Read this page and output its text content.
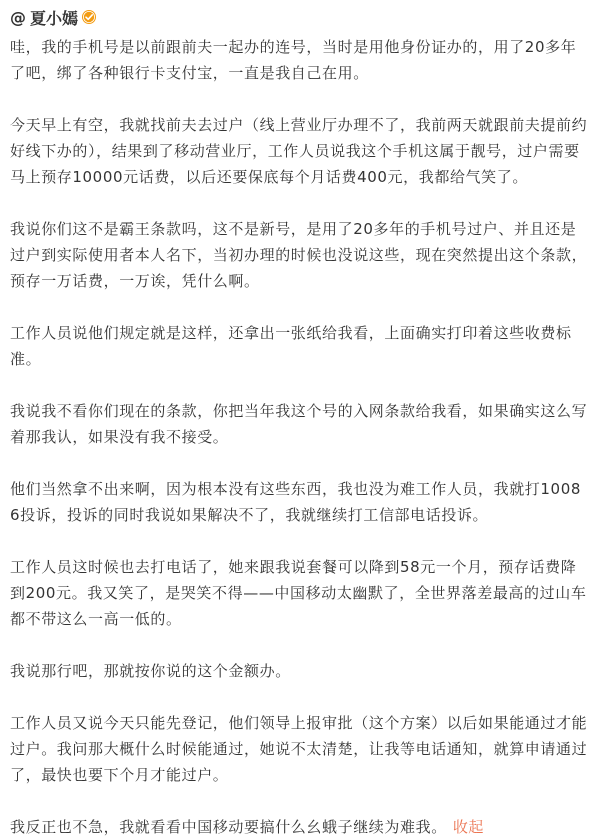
@ 夏小嫣

哇，我的手机号是以前跟前夫一起办的连号，当时是用他身份证办的，用了20多年了吧，绑了各种银行卡支付宝，一直是我自己在用。

今天早上有空，我就找前夫去过户（线上营业厅办理不了，我前两天就跟前夫提前约好线下办的），结果到了移动营业厅，工作人员说我这个手机这属于靓号，过户需要马上预存10000元话费，以后还要保底每个月话费400元，我都给气笑了。

我说你们这不是霸王条款吗，这不是新号，是用了20多年的手机号过户、并且还是过户到实际使用者本人名下，当初办理的时候也没说这些，现在突然提出这个条款，预存一万话费，一万诶，凭什么啊。

工作人员说他们规定就是这样，还拿出一张纸给我看，上面确实打印着这些收费标准。

我说我不看你们现在的条款，你把当年我这个号的入网条款给我看，如果确实这么写着那我认，如果没有我不接受。

他们当然拿不出来啊，因为根本没有这些东西，我也没为难工作人员，我就打10086投诉，投诉的同时我说如果解决不了，我就继续打工信部电话投诉。

工作人员这时候也去打电话了，她来跟我说套餐可以降到58元一个月，预存话费降到200元。我又笑了，是哭笑不得——中国移动太幽默了，全世界落差最高的过山车都不带这么一高一低的。

我说那行吧，那就按你说的这个金额办。

工作人员又说今天只能先登记，他们领导上报审批（这个方案）以后如果能通过才能过户。我问那大概什么时候能通过，她说不太清楚，让我等电话通知，就算申请通过了，最快也要下个月才能过户。

我反正也不急，我就看看中国移动要搞什么幺蛾子继续为难我。 收起
